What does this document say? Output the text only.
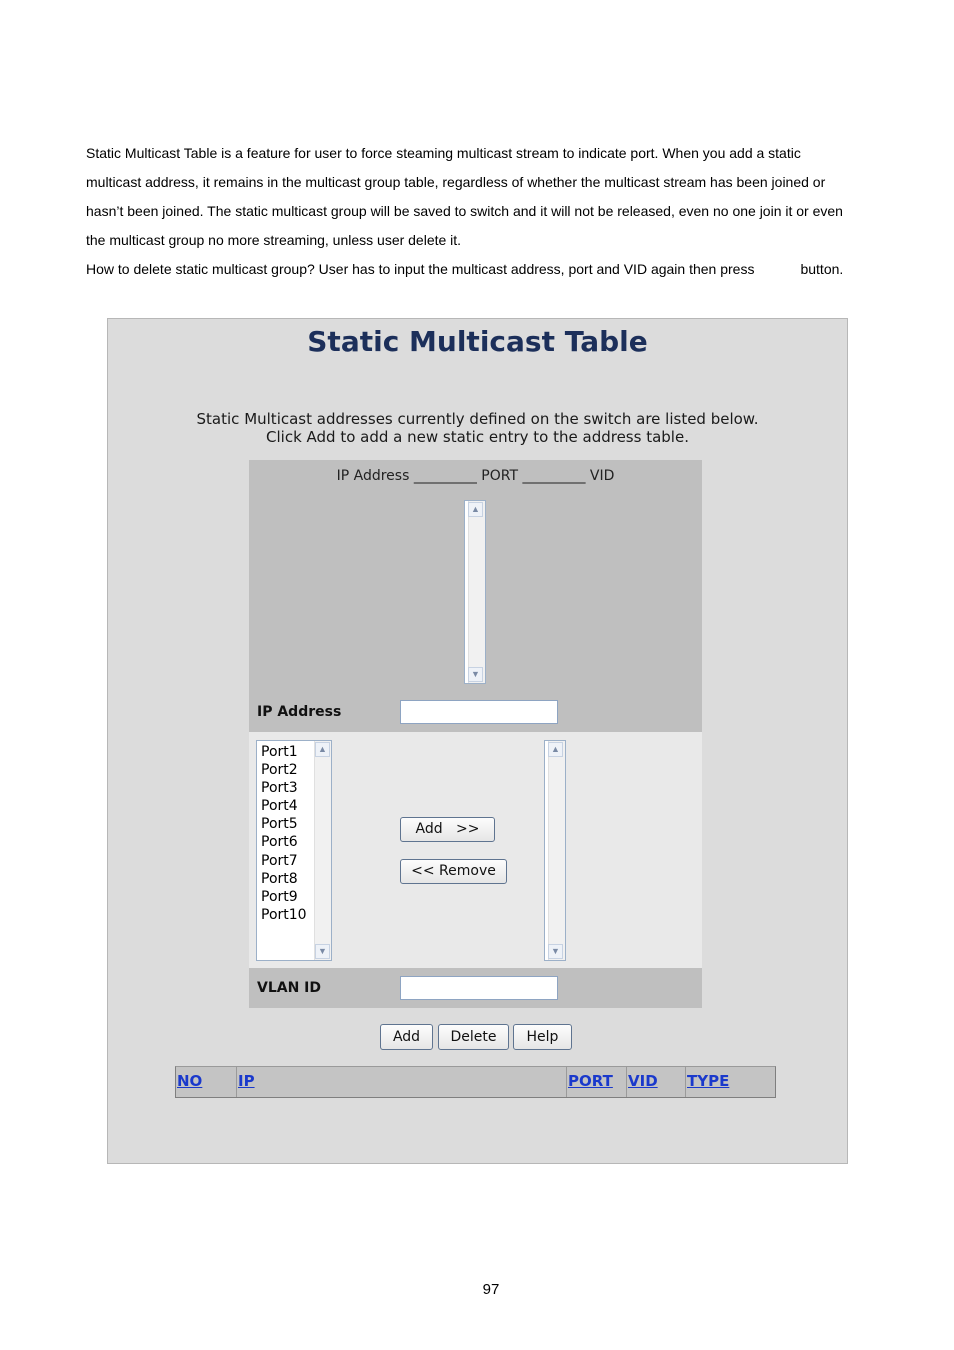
Static Multicast Table is a feature for user to force steaming multicast stream to indicate port. When you add a static

multicast address, it remains in the multicast group table, regardless of whether the multicast stream has been joined or

hasn’t been joined. The static multicast group will be saved to switch and it will not be released, even no one join it or even

the multicast group no more streaming, unless user delete it.

How to delete static multicast group? User has to input the multicast address, port and VID again then press	button.

Static Multicast Table
Static Multicast addresses currently defined on the switch are listed below.
Click Add to add a new static entry to the address table.
IP Address _________ PORT _________ VID
▲
▼
IP Address
Port1
Port2
Port3
Port4
Port5
Port6
Port7
Port8
Port9
Port10
▲
▼
Add   >>
<< Remove
▲
▼
VLAN ID
Add	Delete	Help
NO	IP	PORT	VID	TYPE
97
